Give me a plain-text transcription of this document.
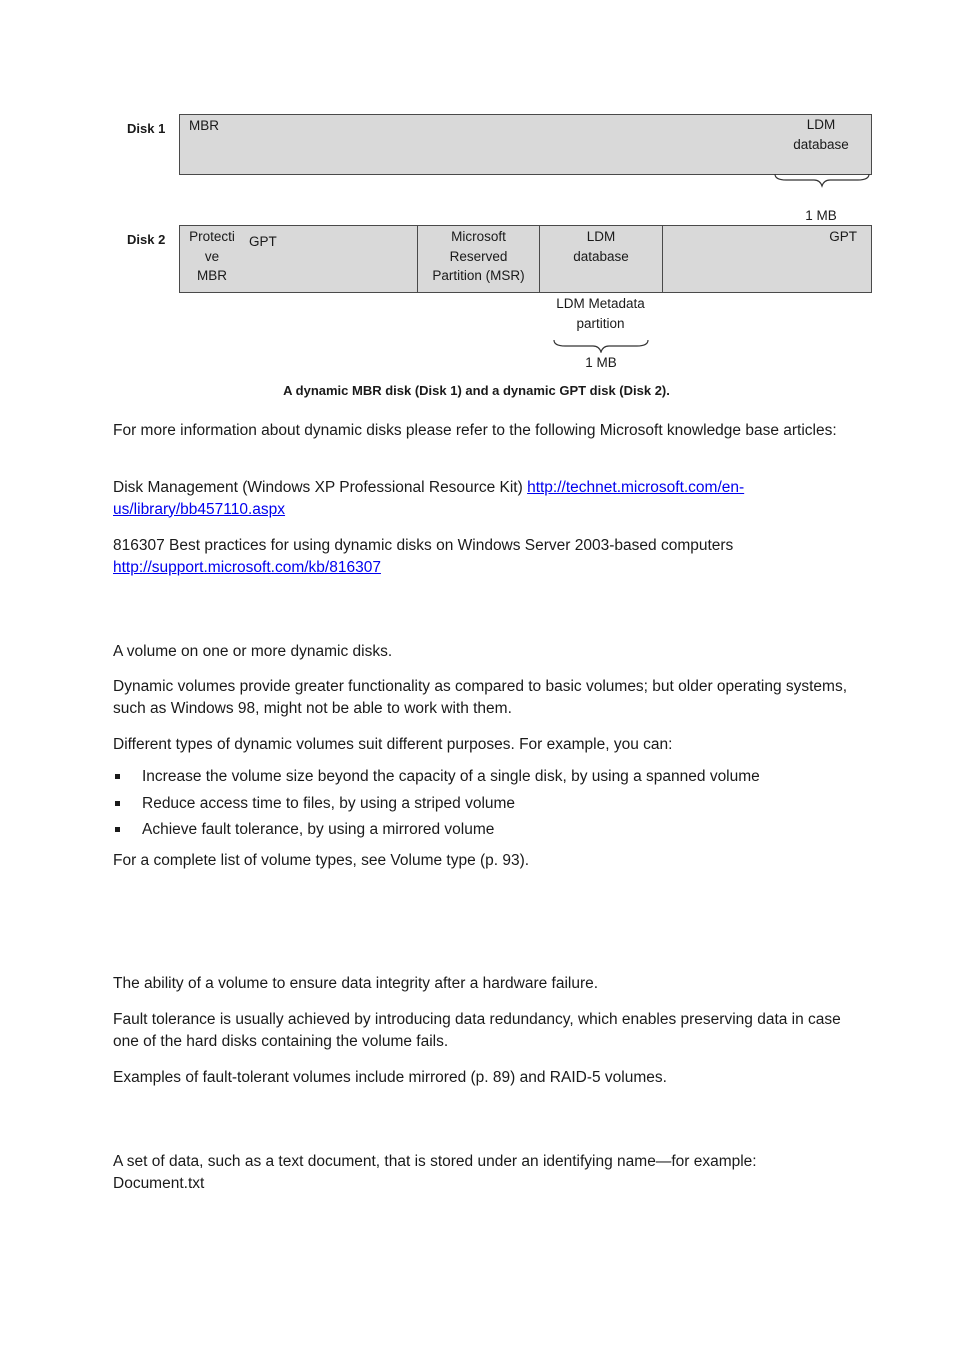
Disk 1 MBR	LDM
database
1 MB
Disk 2	Protecti
ve
MBR
GPT	Microsoft
Reserved
Partition (MSR)
LDM
database
GPT
LDM Metadata
partition
1 MB
A dynamic MBR disk (Disk 1) and a dynamic GPT disk (Disk 2).

For more information about dynamic disks please refer to the following Microsoft knowledge base articles:

Disk Management (Windows XP Professional Resource Kit) http://technet.microsoft.com/en-us/library/bb457110.aspx

816307 Best practices for using dynamic disks on Windows Server 2003-based computers
http://support.microsoft.com/kb/816307

A volume on one or more dynamic disks.

Dynamic volumes provide greater functionality as compared to basic volumes; but older operating systems, such as Windows 98, might not be able to work with them.

Different types of dynamic volumes suit different purposes. For example, you can:

Increase the volume size beyond the capacity of a single disk, by using a spanned volume
Reduce access time to files, by using a striped volume
Achieve fault tolerance, by using a mirrored volume

For a complete list of volume types, see Volume type (p. 93).

The ability of a volume to ensure data integrity after a hardware failure.

Fault tolerance is usually achieved by introducing data redundancy, which enables preserving data in case one of the hard disks containing the volume fails.

Examples of fault-tolerant volumes include mirrored (p. 89) and RAID-5 volumes.

A set of data, such as a text document, that is stored under an identifying name—for example: Document.txt
